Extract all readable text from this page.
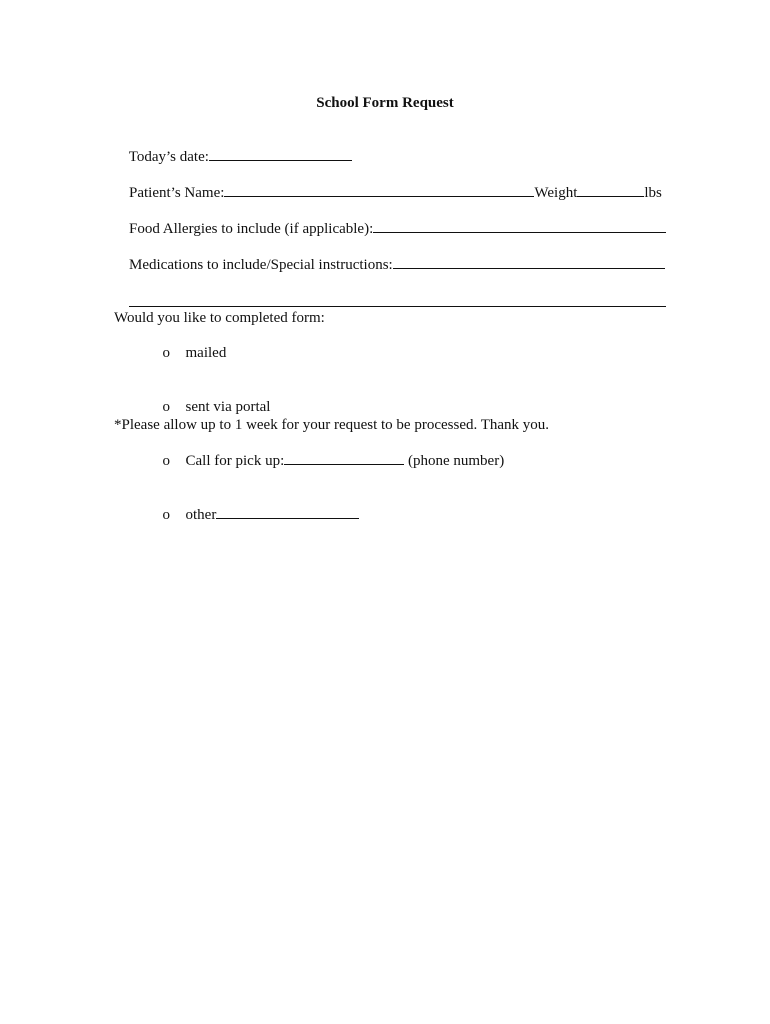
School Form Request

Today’s date:

Patient’s Name:	Weight	lbs

Food Allergies to include (if applicable):

Medications to include/Special instructions:

Would you like to completed form:

o mailed

o sent via portal

o Call for pick up:	(phone number)

o other

*Please allow up to 1 week for your request to be processed. Thank you.
